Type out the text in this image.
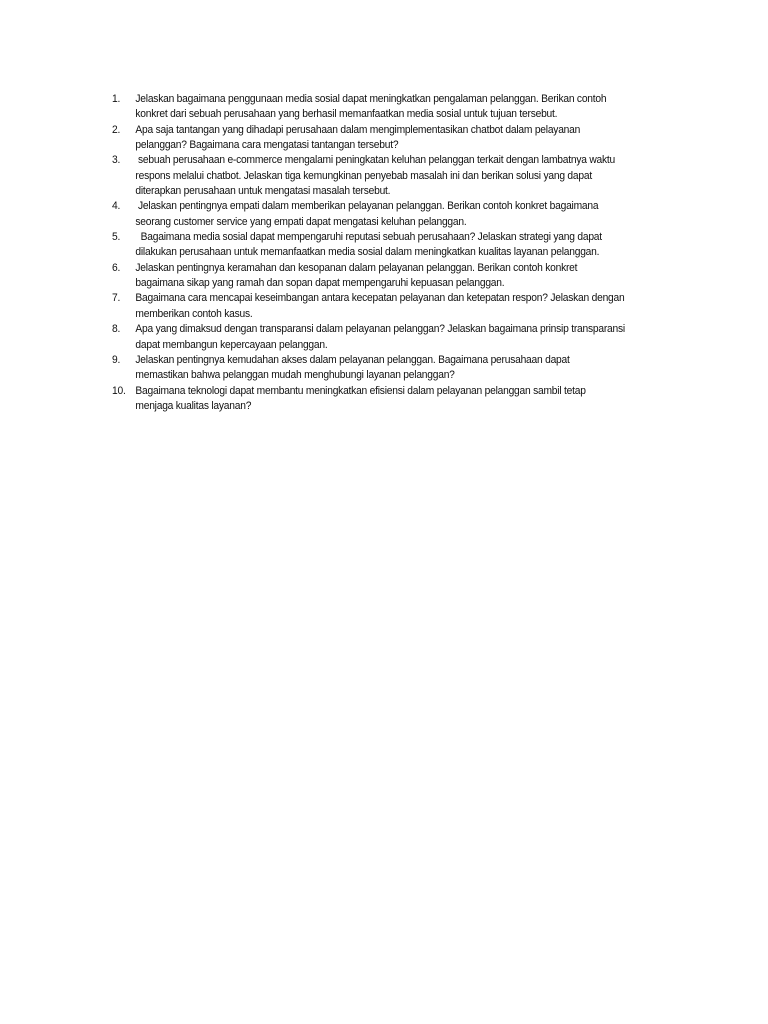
1.	Jelaskan bagaimana penggunaan media sosial dapat meningkatkan pengalaman pelanggan. Berikan contoh konkret dari sebuah perusahaan yang berhasil memanfaatkan media sosial untuk tujuan tersebut.
2.	Apa saja tantangan yang dihadapi perusahaan dalam mengimplementasikan chatbot dalam pelayanan pelanggan? Bagaimana cara mengatasi tantangan tersebut?
3.	sebuah perusahaan e-commerce mengalami peningkatan keluhan pelanggan terkait dengan lambatnya waktu respons melalui chatbot. Jelaskan tiga kemungkinan penyebab masalah ini dan berikan solusi yang dapat diterapkan perusahaan untuk mengatasi masalah tersebut.
4.	Jelaskan pentingnya empati dalam memberikan pelayanan pelanggan. Berikan contoh konkret bagaimana seorang customer service yang empati dapat mengatasi keluhan pelanggan.
5.	Bagaimana media sosial dapat mempengaruhi reputasi sebuah perusahaan? Jelaskan strategi yang dapat dilakukan perusahaan untuk memanfaatkan media sosial dalam meningkatkan kualitas layanan pelanggan.
6.	Jelaskan pentingnya keramahan dan kesopanan dalam pelayanan pelanggan. Berikan contoh konkret bagaimana sikap yang ramah dan sopan dapat mempengaruhi kepuasan pelanggan.
7.	Bagaimana cara mencapai keseimbangan antara kecepatan pelayanan dan ketepatan respon? Jelaskan dengan memberikan contoh kasus.
8.	Apa yang dimaksud dengan transparansi dalam pelayanan pelanggan? Jelaskan bagaimana prinsip transparansi dapat membangun kepercayaan pelanggan.
9.	Jelaskan pentingnya kemudahan akses dalam pelayanan pelanggan. Bagaimana perusahaan dapat memastikan bahwa pelanggan mudah menghubungi layanan pelanggan?
10. Bagaimana teknologi dapat membantu meningkatkan efisiensi dalam pelayanan pelanggan sambil tetap menjaga kualitas layanan?
